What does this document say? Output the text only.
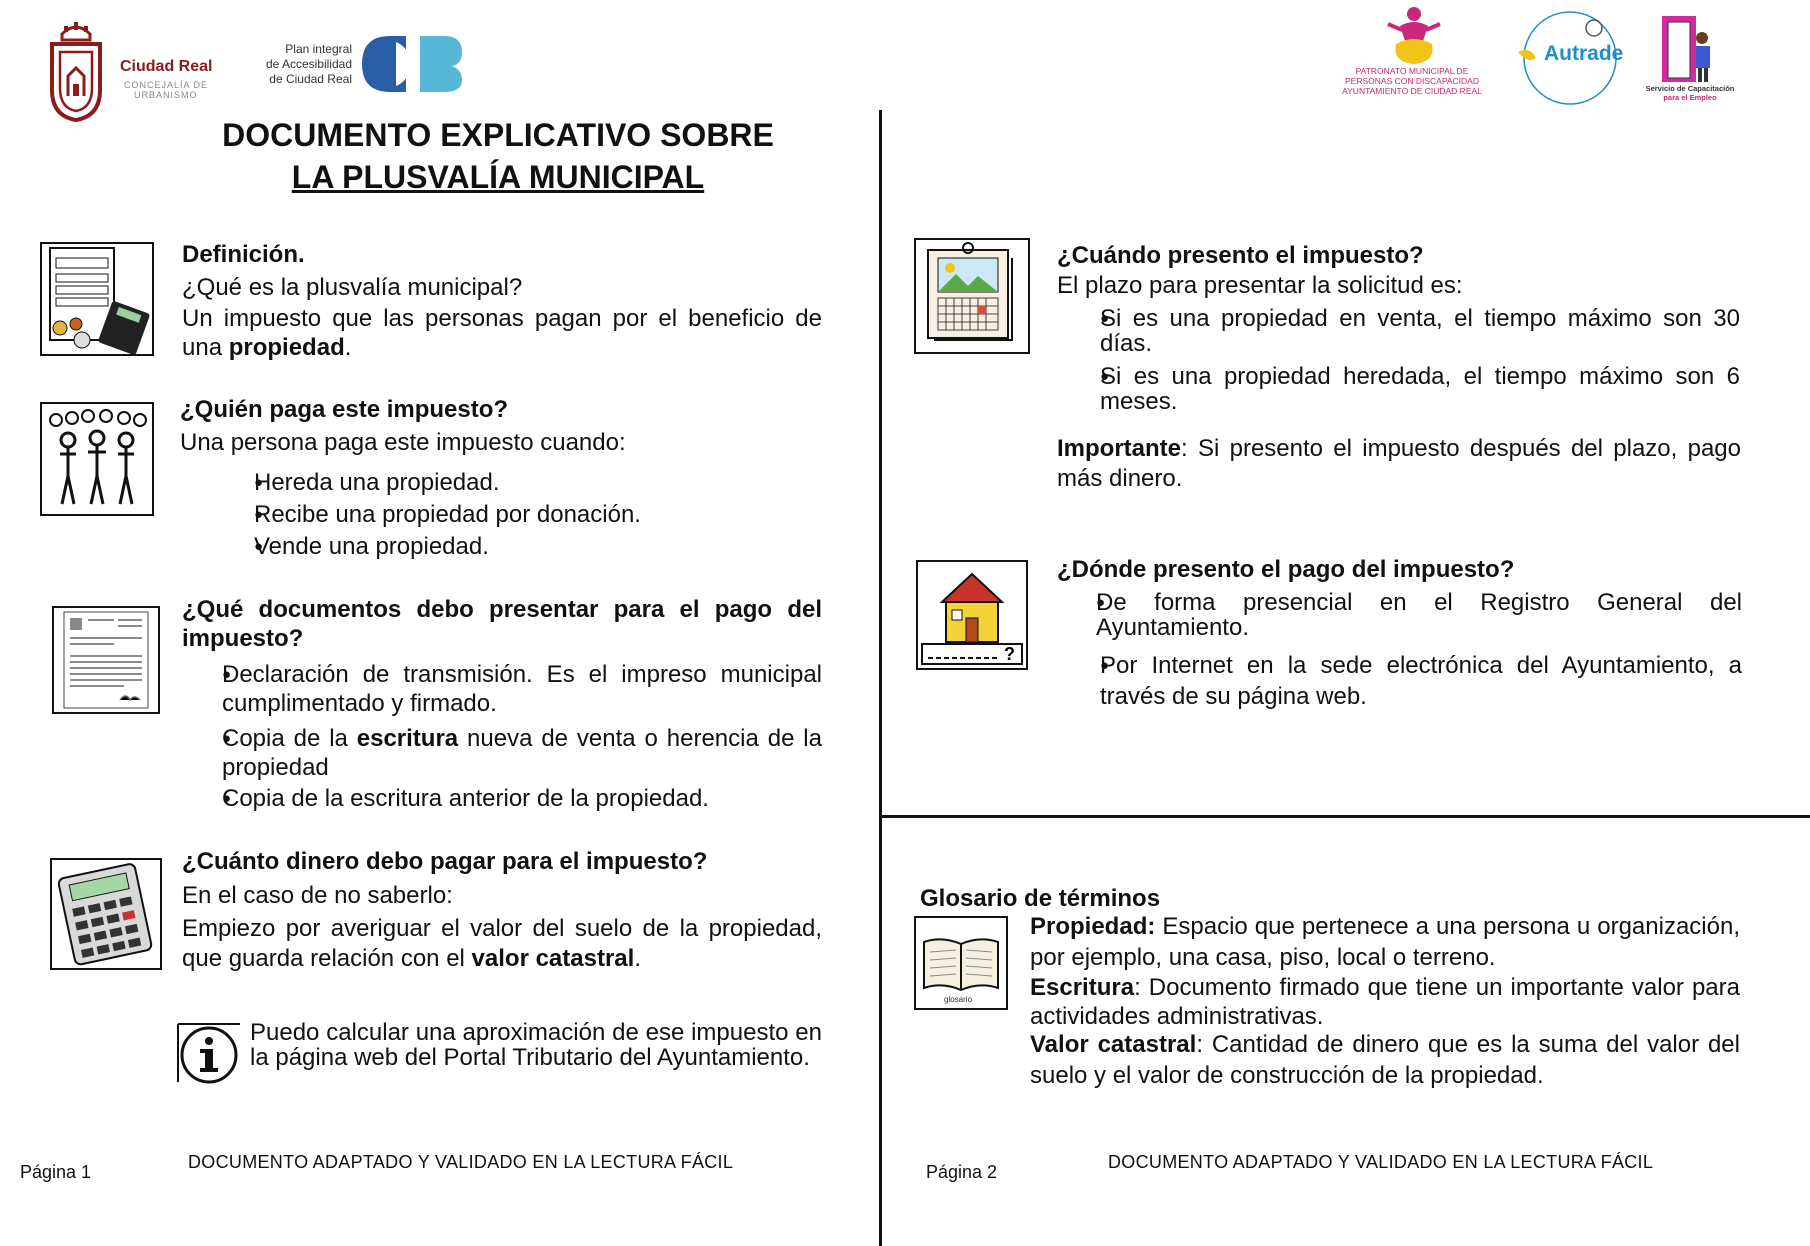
Ciudad Real
CONCEJALÍA DE
URBANISMO
Plan integral
de Accesibilidad
de Ciudad Real
PATRONATO MUNICIPAL DE
PERSONAS CON DISCAPACIDAD
AYUNTAMIENTO DE CIUDAD REAL
Autrade
Servicio de Capacitación
para el Empleo
DOCUMENTO EXPLICATIVO SOBRE
LA PLUSVALÍA MUNICIPAL
Definición.
¿Qué es la plusvalía municipal?
Un impuesto que las personas pagan por el beneficio de una propiedad.
¿Quién paga este impuesto?
Una persona paga este impuesto cuando:
● Hereda una propiedad.
● Recibe una propiedad por donación.
● Vende una propiedad.
¿Qué documentos debo presentar para el pago del impuesto?
● Declaración de transmisión. Es el impreso municipal cumplimentado y firmado.
● Copia de la escritura nueva de venta o herencia de la propiedad
● Copia de la escritura anterior de la propiedad.
¿Cuánto dinero debo pagar para el impuesto?
En el caso de no saberlo:
Empiezo por averiguar el valor del suelo de la propiedad, que guarda relación con el valor catastral.
Puedo calcular una aproximación de ese impuesto en la página web del Portal Tributario del Ayuntamiento.
Página 1	DOCUMENTO ADAPTADO Y VALIDADO EN LA LECTURA FÁCIL
¿Cuándo presento el impuesto?
El plazo para presentar la solicitud es:
● Si es una propiedad en venta, el tiempo máximo son 30 días.
● Si es una propiedad heredada, el tiempo máximo son 6 meses.
Importante: Si presento el impuesto después del plazo, pago más dinero.
?
¿Dónde presento el pago del impuesto?
● De forma presencial en el Registro General del Ayuntamiento.
● Por Internet en la sede electrónica del Ayuntamiento, a través de su página web.
Glosario de términos
glosario
Propiedad: Espacio que pertenece a una persona u organización, por ejemplo, una casa, piso, local o terreno.
Escritura: Documento firmado que tiene un importante valor para actividades administrativas.
Valor catastral: Cantidad de dinero que es la suma del valor del suelo y el valor de construcción de la propiedad.
Página 2	DOCUMENTO ADAPTADO Y VALIDADO EN LA LECTURA FÁCIL
